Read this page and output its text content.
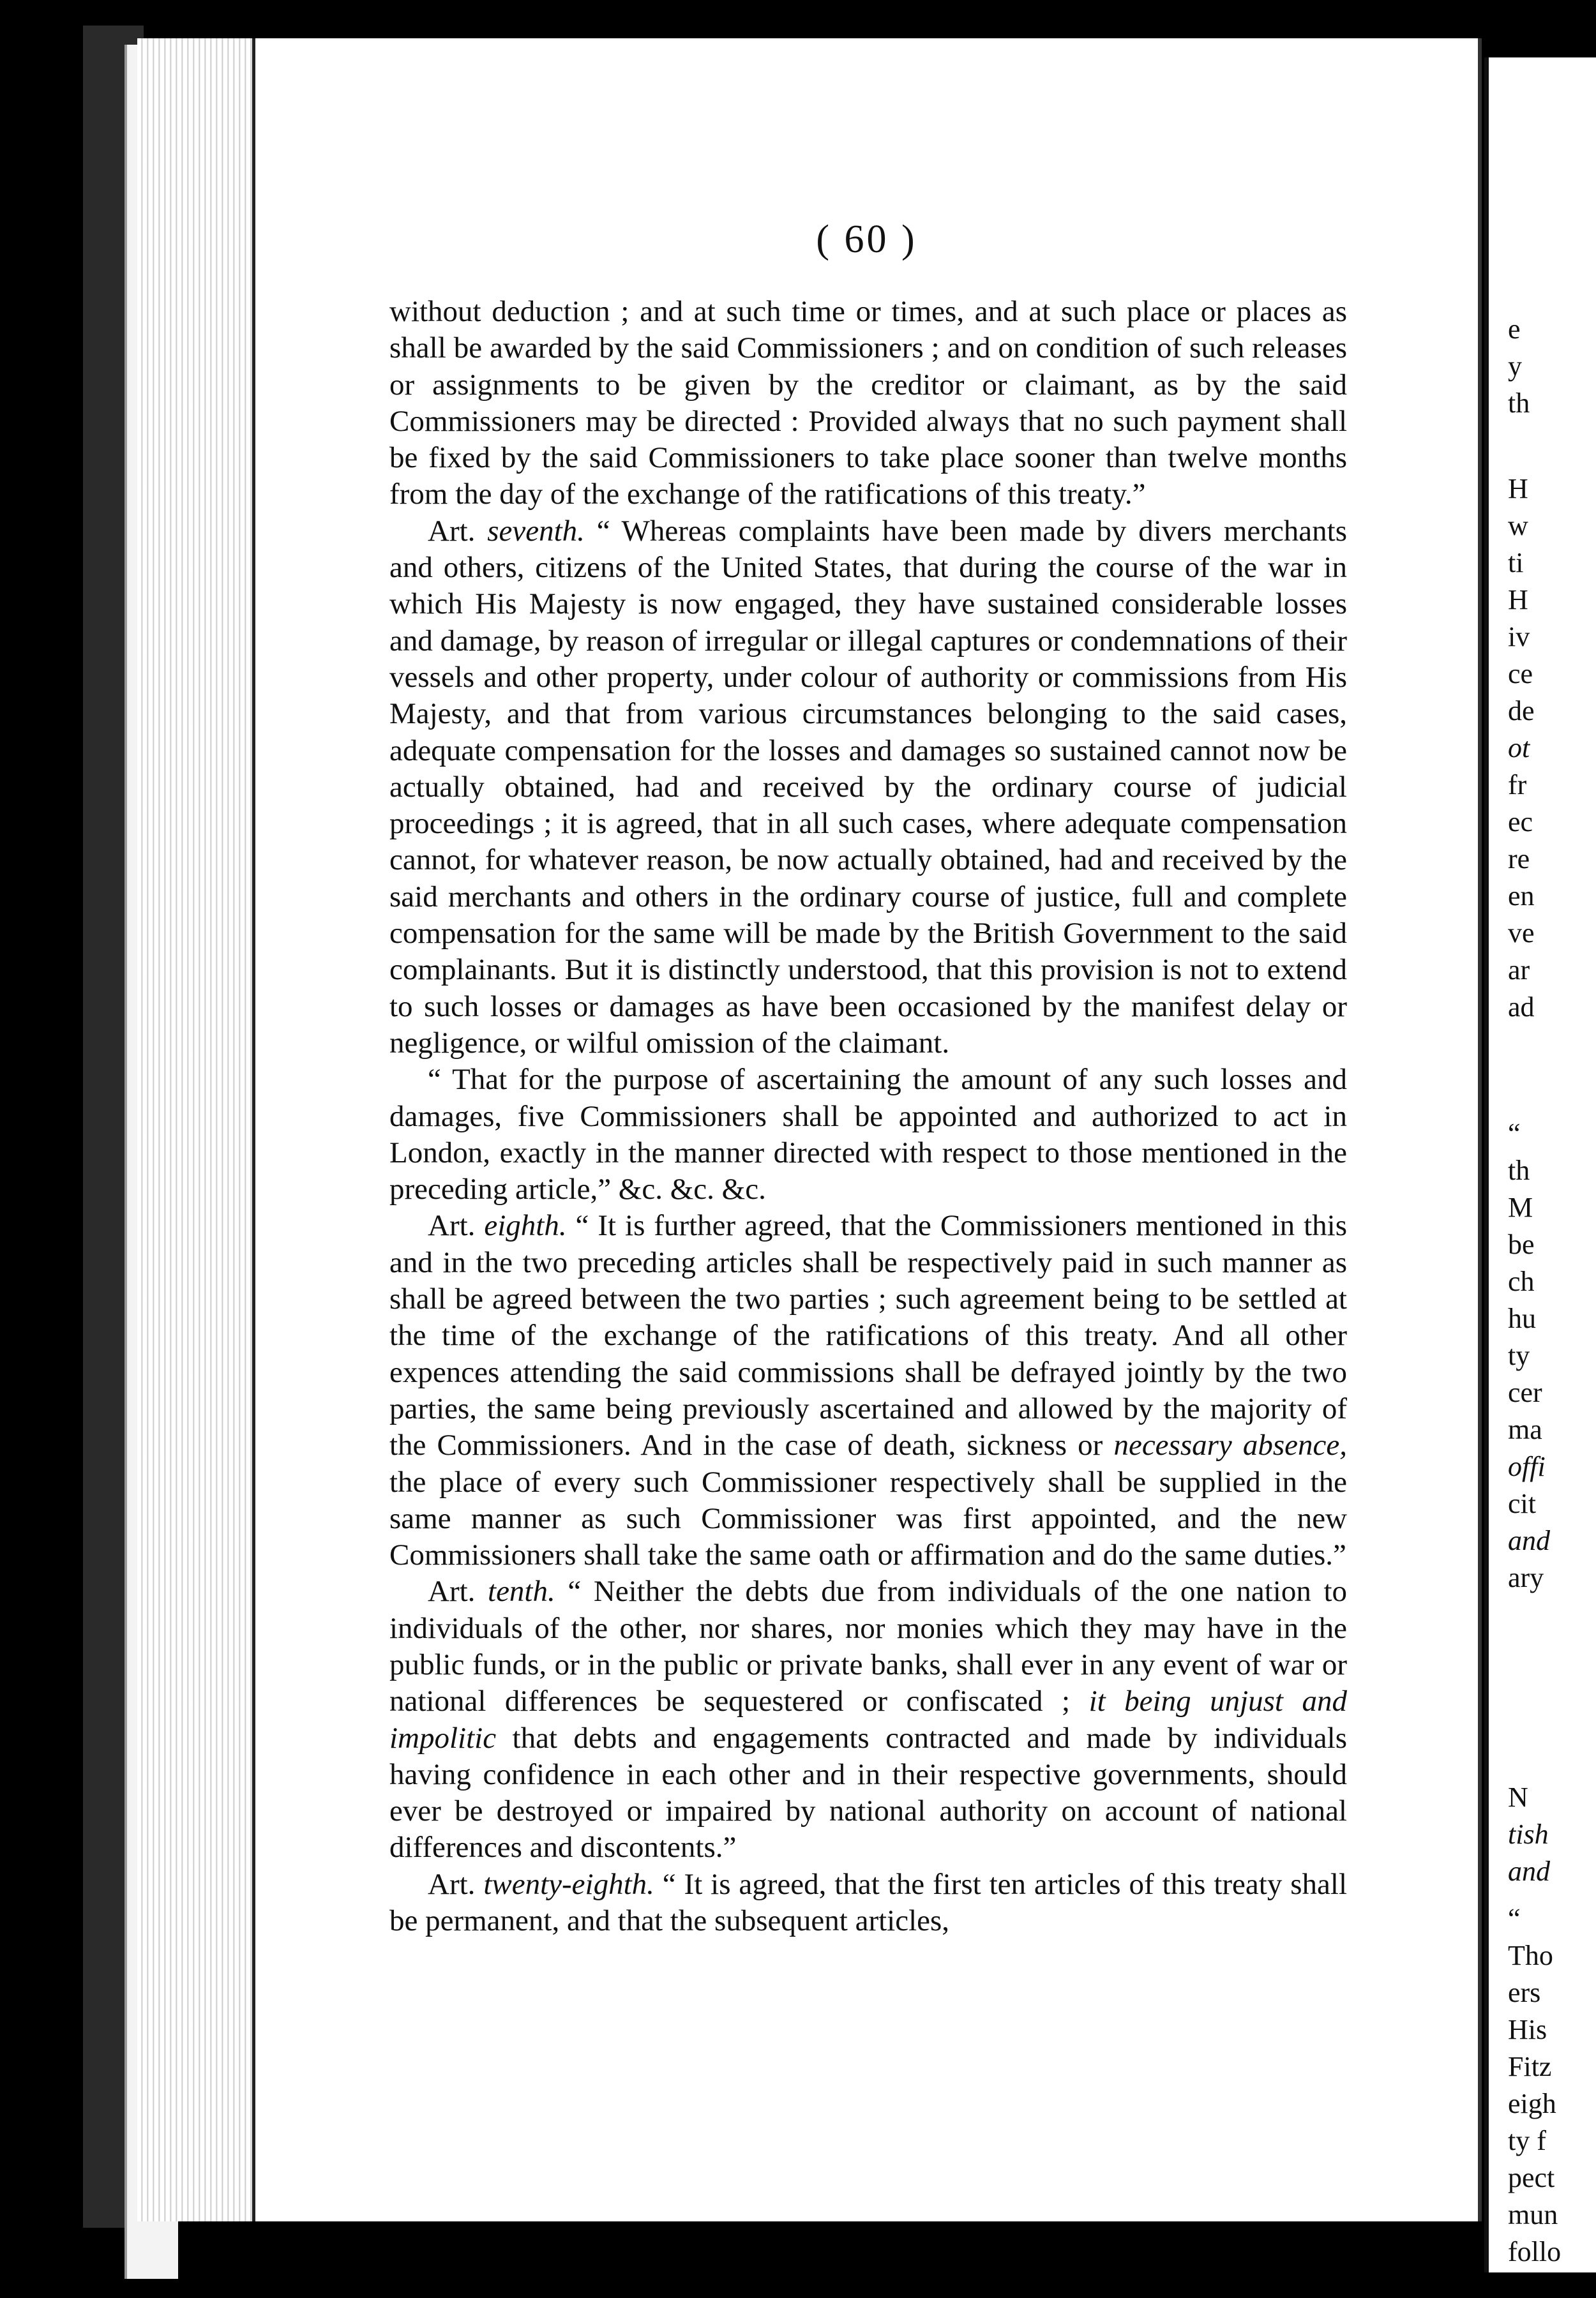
( 60 )

without deduction ; and at such time or times, and at such place or places as shall be awarded by the said Commissioners ; and on condition of such releases or assignments to be given by the creditor or claimant, as by the said Commissioners may be directed : Provided always that no such payment shall be fixed by the said Commissioners to take place sooner than twelve months from the day of the exchange of the ratifications of this treaty.”

Art. seventh. “ Whereas complaints have been made by divers merchants and others, citizens of the United States, that during the course of the war in which His Majesty is now engaged, they have sustained considerable losses and damage, by reason of irregular or illegal captures or condemnations of their vessels and other property, under colour of authority or commissions from His Majesty, and that from various circumstances belonging to the said cases, adequate compensation for the losses and damages so sustained cannot now be actually obtained, had and received by the ordinary course of judicial proceedings ; it is agreed, that in all such cases, where adequate compensation cannot, for whatever reason, be now actually obtained, had and received by the said merchants and others in the ordinary course of justice, full and complete compensation for the same will be made by the British Government to the said complainants. But it is distinctly understood, that this provision is not to extend to such losses or damages as have been occasioned by the manifest delay or negligence, or wilful omission of the claimant.

“ That for the purpose of ascertaining the amount of any such losses and damages, five Commissioners shall be appointed and authorized to act in London, exactly in the manner directed with respect to those mentioned in the preceding article,” &c. &c. &c.

Art. eighth. “ It is further agreed, that the Commissioners mentioned in this and in the two preceding articles shall be respectively paid in such manner as shall be agreed between the two parties ; such agreement being to be settled at the time of the exchange of the ratifications of this treaty. And all other expences attending the said commissions shall be defrayed jointly by the two parties, the same being previously ascertained and allowed by the majority of the Commissioners. And in the case of death, sickness or necessary absence, the place of every such Commissioner respectively shall be supplied in the same manner as such Commissioner was first appointed, and the new Commissioners shall take the same oath or affirmation and do the same duties.”

Art. tenth. “ Neither the debts due from individuals of the one nation to individuals of the other, nor shares, nor monies which they may have in the public funds, or in the public or private banks, shall ever in any event of war or national differences be sequestered or confiscated ; it being unjust and impolitic that debts and engagements contracted and made by individuals having confidence in each other and in their respective governments, should ever be destroyed or impaired by national authority on account of national differences and discontents.”

Art. twenty-eighth. “ It is agreed, that the first ten articles of this treaty shall be permanent, and that the subsequent articles,

e
y
th
H
w
ti
H
iv
ce
de
ot
fr
ec
re
en
ve
ar
ad
“
th
M
be
ch
hu
ty
cer
ma
offi
cit
and
ary
N
tish
and
“
Tho
ers
His
Fitz
eigh
ty f
pect
mun
follo
